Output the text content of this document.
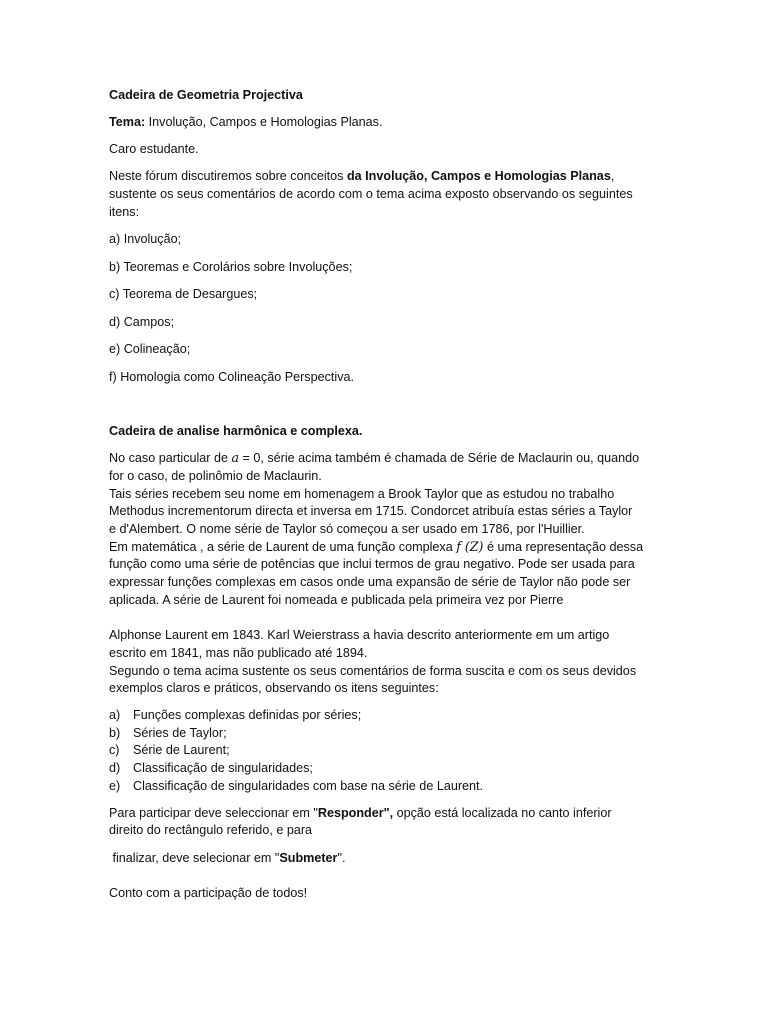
Cadeira de Geometria Projectiva
Tema: Involução, Campos e Homologias Planas.
Caro estudante.
Neste fórum discutiremos sobre conceitos da Involução, Campos e Homologias Planas,
sustente os seus comentários de acordo com o tema acima exposto observando os seguintes
itens:
a) Involução;
b) Teoremas e Corolários sobre Involuções;
c) Teorema de Desargues;
d) Campos;
e) Colineação;
f) Homologia como Colineação Perspectiva.
Cadeira de analise harmônica e complexa.
No caso particular de a = 0, série acima também é chamada de Série de Maclaurin ou, quando
for o caso, de polinômio de Maclaurin.
Tais séries recebem seu nome em homenagem a Brook Taylor que as estudou no trabalho
Methodus incrementorum directa et inversa em 1715. Condorcet atribuía estas séries a Taylor
e d'Alembert. O nome série de Taylor só começou a ser usado em 1786, por l'Huillier.
Em matemática , a série de Laurent de uma função complexa f (Z) é uma representação dessa
função como uma série de potências que inclui termos de grau negativo. Pode ser usada para
expressar funções complexas em casos onde uma expansão de série de Taylor não pode ser
aplicada. A série de Laurent foi nomeada e publicada pela primeira vez por Pierre
Alphonse Laurent em 1843. Karl Weierstrass a havia descrito anteriormente em um artigo
escrito em 1841, mas não publicado até 1894.
Segundo o tema acima sustente os seus comentários de forma suscita e com os seus devidos
exemplos claros e práticos, observando os itens seguintes:
a) Funções complexas definidas por séries;
b) Séries de Taylor;
c) Série de Laurent;
d) Classificação de singularidades;
e) Classificação de singularidades com base na série de Laurent.
Para participar deve seleccionar em "Responder", opção está localizada no canto inferior
direito do rectângulo referido, e para
finalizar, deve selecionar em "Submeter".
Conto com a participação de todos!
